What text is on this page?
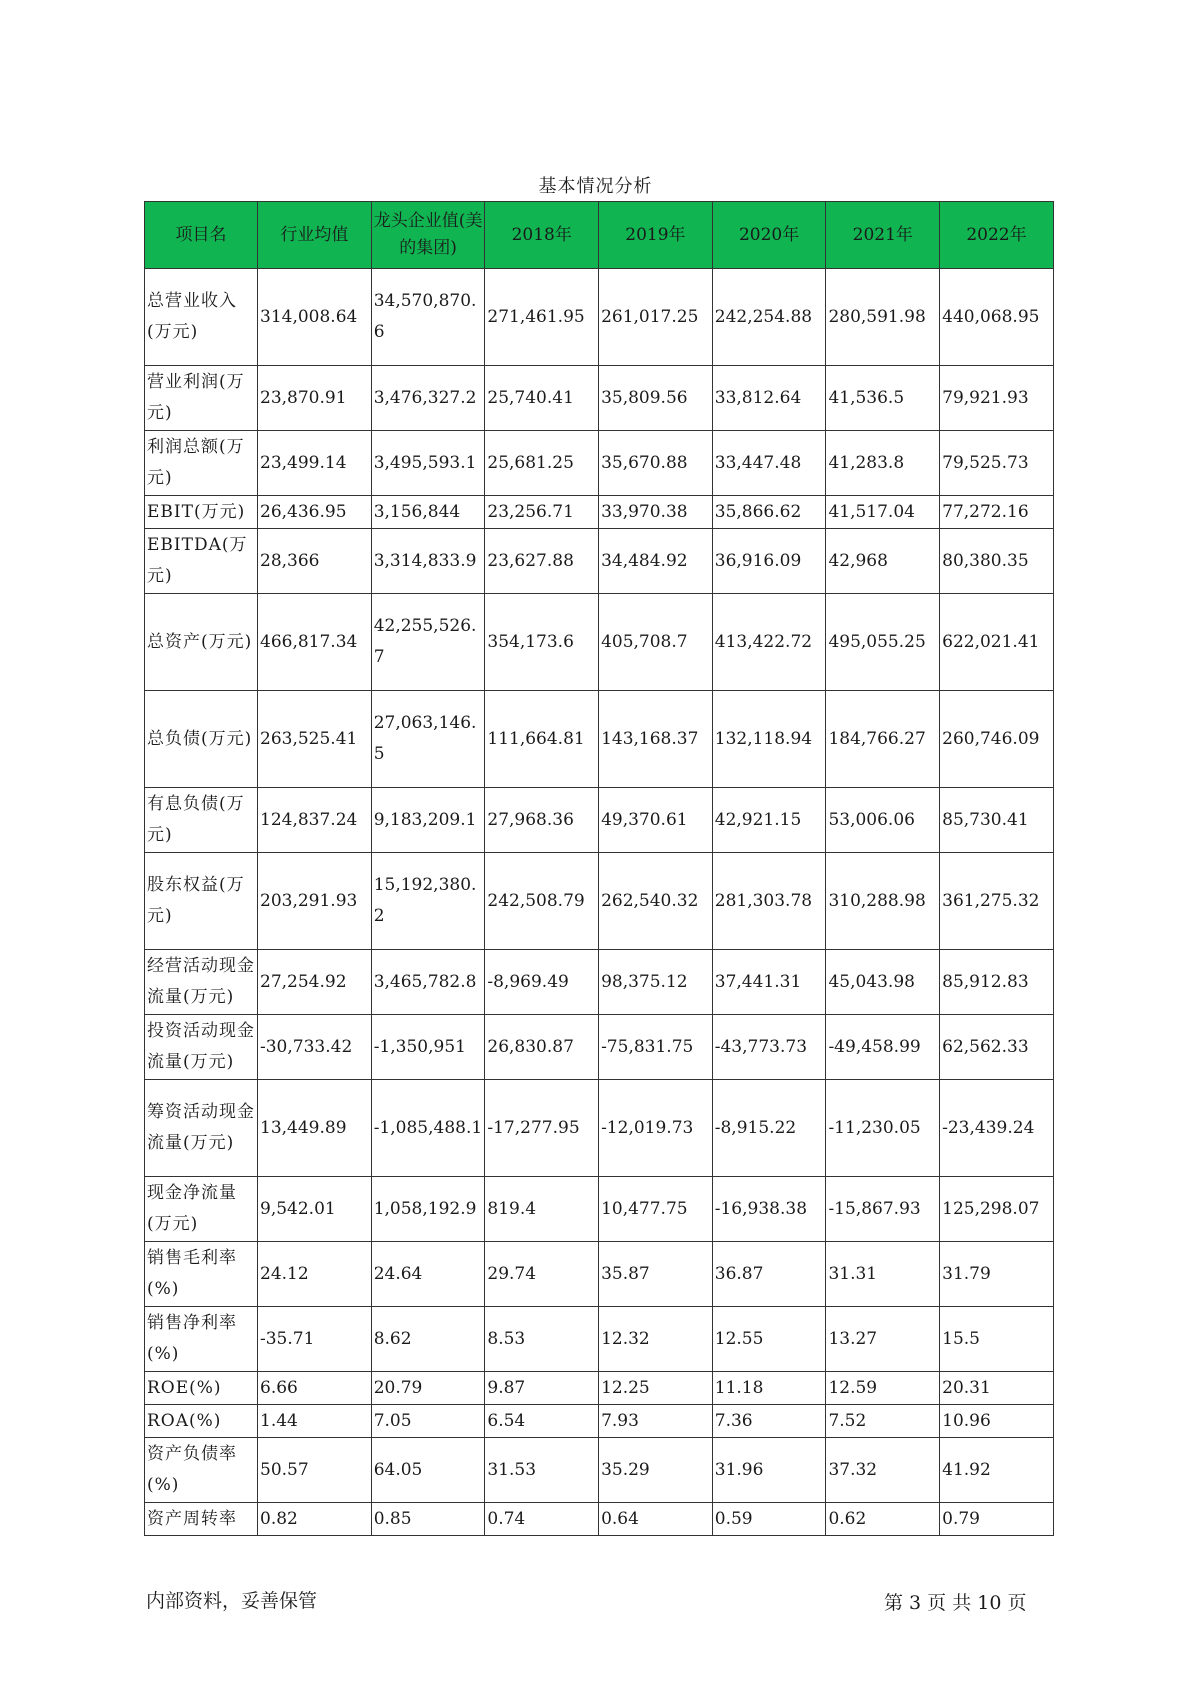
基本情况分析
项目名	行业均值	龙头企业值(美的集团)	2018年	2019年	2020年	2021年	2022年
总营业收入(万元)	314,008.64	34,570,870.6	271,461.95	261,017.25	242,254.88	280,591.98	440,068.95
营业利润(万元)	23,870.91	3,476,327.2	25,740.41	35,809.56	33,812.64	41,536.5	79,921.93
利润总额(万元)	23,499.14	3,495,593.1	25,681.25	35,670.88	33,447.48	41,283.8	79,525.73
EBIT(万元)	26,436.95	3,156,844	23,256.71	33,970.38	35,866.62	41,517.04	77,272.16
EBITDA(万元)	28,366	3,314,833.9	23,627.88	34,484.92	36,916.09	42,968	80,380.35
总资产(万元)	466,817.34	42,255,526.7	354,173.6	405,708.7	413,422.72	495,055.25	622,021.41
总负债(万元)	263,525.41	27,063,146.5	111,664.81	143,168.37	132,118.94	184,766.27	260,746.09
有息负债(万元)	124,837.24	9,183,209.1	27,968.36	49,370.61	42,921.15	53,006.06	85,730.41
股东权益(万元)	203,291.93	15,192,380.2	242,508.79	262,540.32	281,303.78	310,288.98	361,275.32
经营活动现金流量(万元)	27,254.92	3,465,782.8	-8,969.49	98,375.12	37,441.31	45,043.98	85,912.83
投资活动现金流量(万元)	-30,733.42	-1,350,951	26,830.87	-75,831.75	-43,773.73	-49,458.99	62,562.33
筹资活动现金流量(万元)	13,449.89	-1,085,488.1	-17,277.95	-12,019.73	-8,915.22	-11,230.05	-23,439.24
现金净流量(万元)	9,542.01	1,058,192.9	819.4	10,477.75	-16,938.38	-15,867.93	125,298.07
销售毛利率(%)	24.12	24.64	29.74	35.87	36.87	31.31	31.79
销售净利率(%)	-35.71	8.62	8.53	12.32	12.55	13.27	15.5
ROE(%)	6.66	20.79	9.87	12.25	11.18	12.59	20.31
ROA(%)	1.44	7.05	6.54	7.93	7.36	7.52	10.96
资产负债率(%)	50.57	64.05	31.53	35.29	31.96	37.32	41.92
资产周转率	0.82	0.85	0.74	0.64	0.59	0.62	0.79
内部资料，妥善保管	第 3 页 共 10 页
